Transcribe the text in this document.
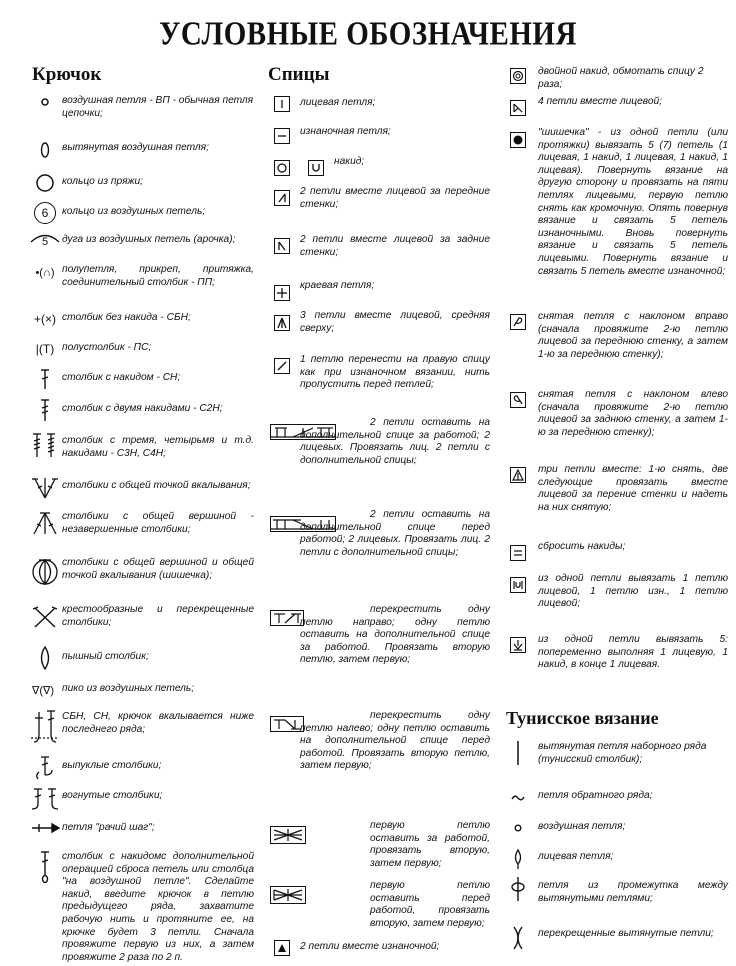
УСЛОВНЫЕ ОБОЗНАЧЕНИЯ
Крючок
воздушная петля - ВП - обычная петля цепочки;
вытянутая воздушная петля;
кольцо из пряжи;
6	кольцо из воздушных петель;
5 дуга из воздушных петель (арочка);
•(∩) полупетля, прикреп, притяжка, соединительный столбик - ПП;
+(×) столбик без накида - СБН;
|(T) полустолбик - ПС;
столбик с накидом - СН;
столбик с двумя накидами - С2Н;
столбик с тремя, четырьмя и т.д. накидами - С3Н, С4Н;
столбики с общей точкой вкалывания;
столбики с общей вершиной - незавершенные столбики;
столбики с общей вершиной и общей точкой вкалывания (шишечка);
крестообразные и перекрещенные столбики;
пышный столбик;
∇(∇) пико из воздушных петель;
СБН, СН, крючок вкалывается ниже последнего ряда;
выпуклые столбики;
вогнутые столбики;
петля "рачий шаг";
столбик с накидомс дополнительной операцией сброса петель или столбца "на воздушной петле". Сделайте накид, введите крючок в петлю предыдущего ряда, захватите рабочую нить и протяните ее, на крючке будет 3 петли. Сначала провяжите первую из них, а затем провяжите 2 раза по 2 п.
Спицы
лицевая петля;
изнаночная петля;
накид;
2 петли вместе лицевой за передние стенки;
2 петли вместе лицевой за задние стенки;
краевая петля;
3 петли вместе лицевой, средняя сверху;
1 петлю перенести на правую спицу как при изнаночном вязании, нить пропустить перед петлей;
2 петли оставить на дополнительной спице за работой; 2 лицевых. Провязать лиц. 2 петли с дополнительной спицы;
2 петли оставить на дополнительной спице перед работой; 2 лицевых. Провязать лиц. 2 петли с дополнительной спицы;
перекрестить одну петлю направо; одну петлю оставить на дополнительной спице за работой. Провязать вторую петлю, затем первую;
перекрестить одну петлю налево; одну петлю оставить на дополнительной спице перед работой. Провязать вторую петлю, затем первую;
первую петлю оставить за работой, провязать вторую, затем первую;
первую петлю оставить перед работой, провязать вторую, затем первую;
2 петли вместе изнаночной;
двойной накид, обмотать спицу 2 раза;
4 петли вместе лицевой;
"шишечка" - из одной петли (или протяжки) вывязать 5 (7) петель (1 лицевая, 1 накид, 1 лицевая, 1 накид, 1 лицевая). Повернуть вязание на другую сторону и провязать на пяти петлях лицевыми, первую петлю снять как кромочную. Опять повернув вязание и связать 5 петель изнаночными. Вновь повернуть вязание и связать 5 петель лицевыми. Повернуть вязание и связать 5 петель вместе изнаночной;
снятая петля с наклоном вправо (сначала провяжите 2-ю петлю лицевой за переднюю стенку, а затем 1-ю за переднюю стенку);
снятая петля с наклоном влево (сначала провяжите 2-ю петлю лицевой за заднюю стенку, а затем 1-ю за переднюю стенку);
три петли вместе: 1-ю снять, две следующие провязать вместе лицевой за перение стенки и надеть на них снятую;
сбросить накиды;
из одной петли вывязать 1 петлю лицевой, 1 петлю изн., 1 петлю лицевой;
из одной петли вывязать 5: попеременно выполняя 1 лицевую, 1 накид, в конце 1 лицевая.
Тунисское вязание
вытянутая петля наборного ряда (тунисский столбик);
петля обратного ряда;
воздушная петля;
лицевая петля;
петля из промежутка между вытянутыми петлями;
перекрещенные вытянутые петли;
